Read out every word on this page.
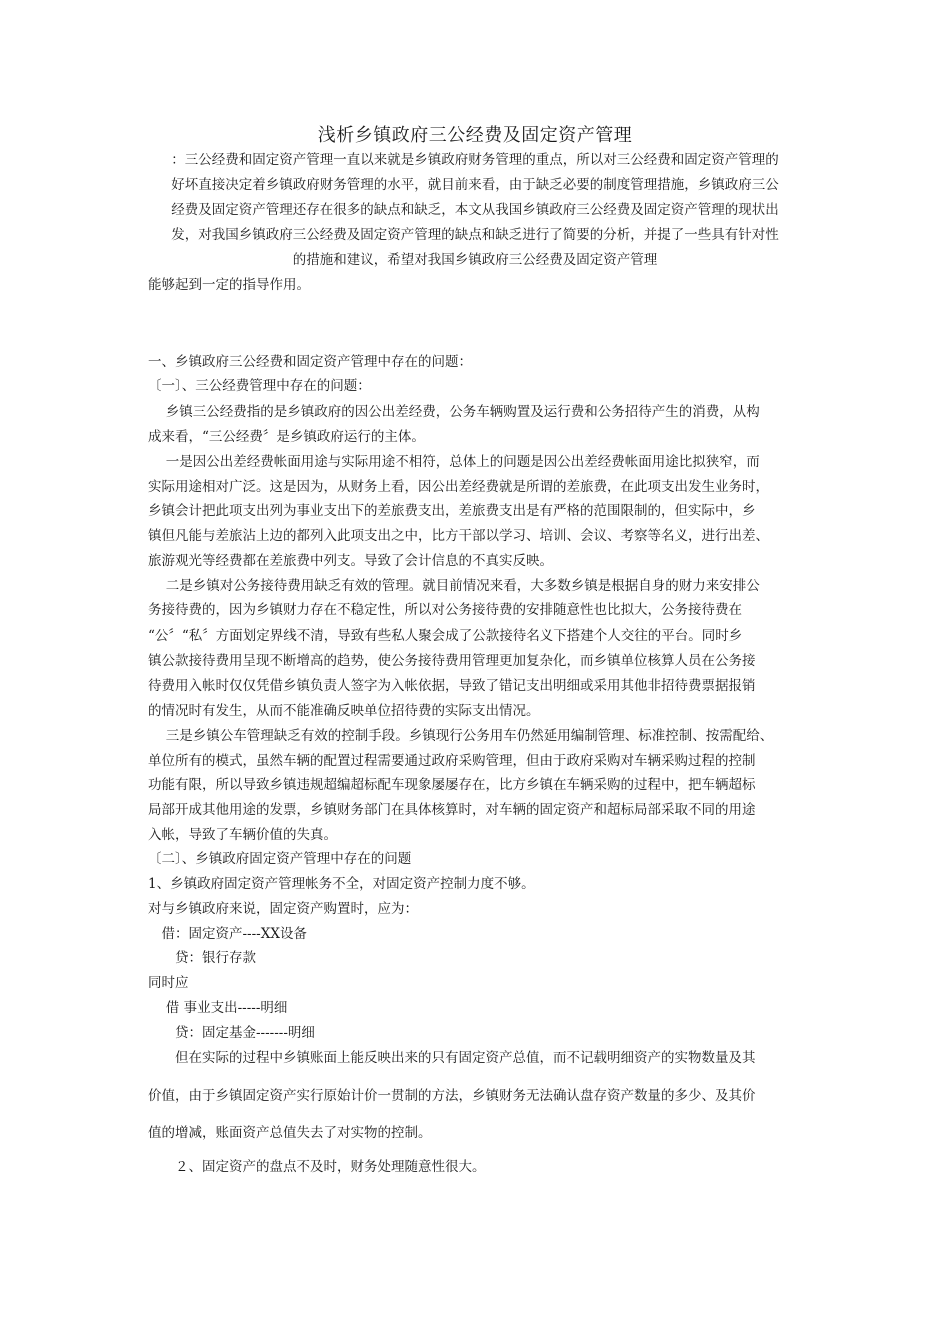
浅析乡镇政府三公经费及固定资产管理
：三公经费和固定资产管理一直以来就是乡镇政府财务管理的重点，所以对三公经费和固定资产管理的
好坏直接决定着乡镇政府财务管理的水平，就目前来看，由于缺乏必要的制度管理措施，乡镇政府三公
经费及固定资产管理还存在很多的缺点和缺乏，本文从我国乡镇政府三公经费及固定资产管理的现状出
发，对我国乡镇政府三公经费及固定资产管理的缺点和缺乏进行了简要的分析，并提了一些具有针对性
的措施和建议，希望对我国乡镇政府三公经费及固定资产管理
能够起到一定的指导作用。
一、乡镇政府三公经费和固定资产管理中存在的问题：
〔一〕、三公经费管理中存在的问题：
　 乡镇三公经费指的是乡镇政府的因公出差经费，公务车辆购置及运行费和公务招待产生的消费，从构
成来看，“三公经费〞是乡镇政府运行的主体。
　 一是因公出差经费帐面用途与实际用途不相符，总体上的问题是因公出差经费帐面用途比拟狭窄，而
实际用途相对广泛。这是因为，从财务上看，因公出差经费就是所谓的差旅费，在此项支出发生业务时，
乡镇会计把此项支出列为事业支出下的差旅费支出，差旅费支出是有严格的范围限制的，但实际中，乡
镇但凡能与差旅沾上边的都列入此项支出之中，比方干部以学习、培训、会议、考察等名义，进行出差、
旅游观光等经费都在差旅费中列支。导致了会计信息的不真实反映。
　 二是乡镇对公务接待费用缺乏有效的管理。就目前情况来看，大多数乡镇是根据自身的财力来安排公
务接待费的，因为乡镇财力存在不稳定性，所以对公务接待费的安排随意性也比拟大，公务接待费在
“公〞“私〞方面划定界线不清，导致有些私人聚会成了公款接待名义下搭建个人交往的平台。同时乡
镇公款接待费用呈现不断增高的趋势，使公务接待费用管理更加复杂化，而乡镇单位核算人员在公务接
待费用入帐时仅仅凭借乡镇负责人签字为入帐依据，导致了错记支出明细或采用其他非招待费票据报销
的情况时有发生，从而不能准确反映单位招待费的实际支出情况。
　 三是乡镇公车管理缺乏有效的控制手段。乡镇现行公务用车仍然延用编制管理、标准控制、按需配给、
单位所有的模式，虽然车辆的配置过程需要通过政府采购管理，但由于政府采购对车辆采购过程的控制
功能有限，所以导致乡镇违规超编超标配车现象屡屡存在，比方乡镇在车辆采购的过程中，把车辆超标
局部开成其他用途的发票，乡镇财务部门在具体核算时，对车辆的固定资产和超标局部采取不同的用途
入帐，导致了车辆价值的失真。
〔二〕、乡镇政府固定资产管理中存在的问题
1、乡镇政府固定资产管理帐务不全，对固定资产控制力度不够。
对与乡镇政府来说，固定资产购置时，应为：
　借：固定资产----XX设备
　　贷：银行存款
同时应
　 借 事业支出-----明细
　　贷：固定基金-------明细
　　但在实际的过程中乡镇账面上能反映出来的只有固定资产总值，而不记载明细资产的实物数量及其
价值，由于乡镇固定资产实行原始计价一贯制的方法，乡镇财务无法确认盘存资产数量的多少、及其价
值的增减，账面资产总值失去了对实物的控制。
　　２、固定资产的盘点不及时，财务处理随意性很大。
